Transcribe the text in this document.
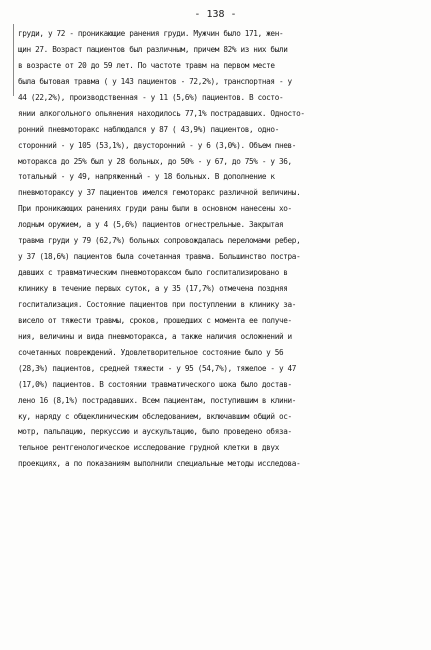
- 138 -
груди, у 72 - проникающие ранения груди. Мужчин было 171, жен-
щин 27. Возраст пациентов был различным, причем 82% из них были
в возрасте от 20 до 59 лет. По частоте травм на первом месте
была бытовая травма ( у 143 пациентов - 72,2%), транспортная - у
44 (22,2%), производственная - у 11 (5,6%) пациентов. В состо-
янии алкогольного опьянения находилось 77,1% пострадавших. Односто-
ронний пневмоторакс наблюдался у 87 ( 43,9%) пациентов, одно-
сторонний - у 105 (53,1%), двусторонний - у 6 (3,0%). Объем пнев-
моторакса до 25% был у 28 больных, до 50% - у 67, до 75% - у 36,
тотальный - у 49, напряженный - у 18 больных. В дополнение к
пневмотораксу у 37 пациентов имелся гемоторакс различной величины.
При проникающих ранениях груди раны были в основном нанесены хо-
лодным оружием, а у 4 (5,6%) пациентов огнестрельные. Закрытая
травма груди у 79 (62,7%) больных сопровождалась переломами ребер,
у 37 (18,6%) пациентов была сочетанная травма. Большинство постра-
давших с травматическим пневмотораксом было госпитализировано в
клинику в течение первых суток, а у 35 (17,7%) отмечена поздняя
госпитализация. Состояние пациентов при поступлении в клинику за-
висело от тяжести травмы, сроков, прошедших с момента ее получе-
ния, величины и вида пневмоторакса, а также наличия осложнений и
сочетанных повреждений. Удовлетворительное состояние было у 56
(28,3%) пациентов, средней тяжести - у 95 (54,7%), тяжелое - у 47
(17,0%) пациентов. В состоянии травматического шока было достав-
лено 16 (8,1%) пострадавших. Всем пациентам, поступившим в клини-
ку, наряду с общеклиническим обследованием, включавшим общий ос-
мотр, пальпацию, перкуссию и аускультацию, было проведено обяза-
тельное рентгенологическое исследование грудной клетки в двух
проекциях, а по показаниям выполнили специальные методы исследова-
